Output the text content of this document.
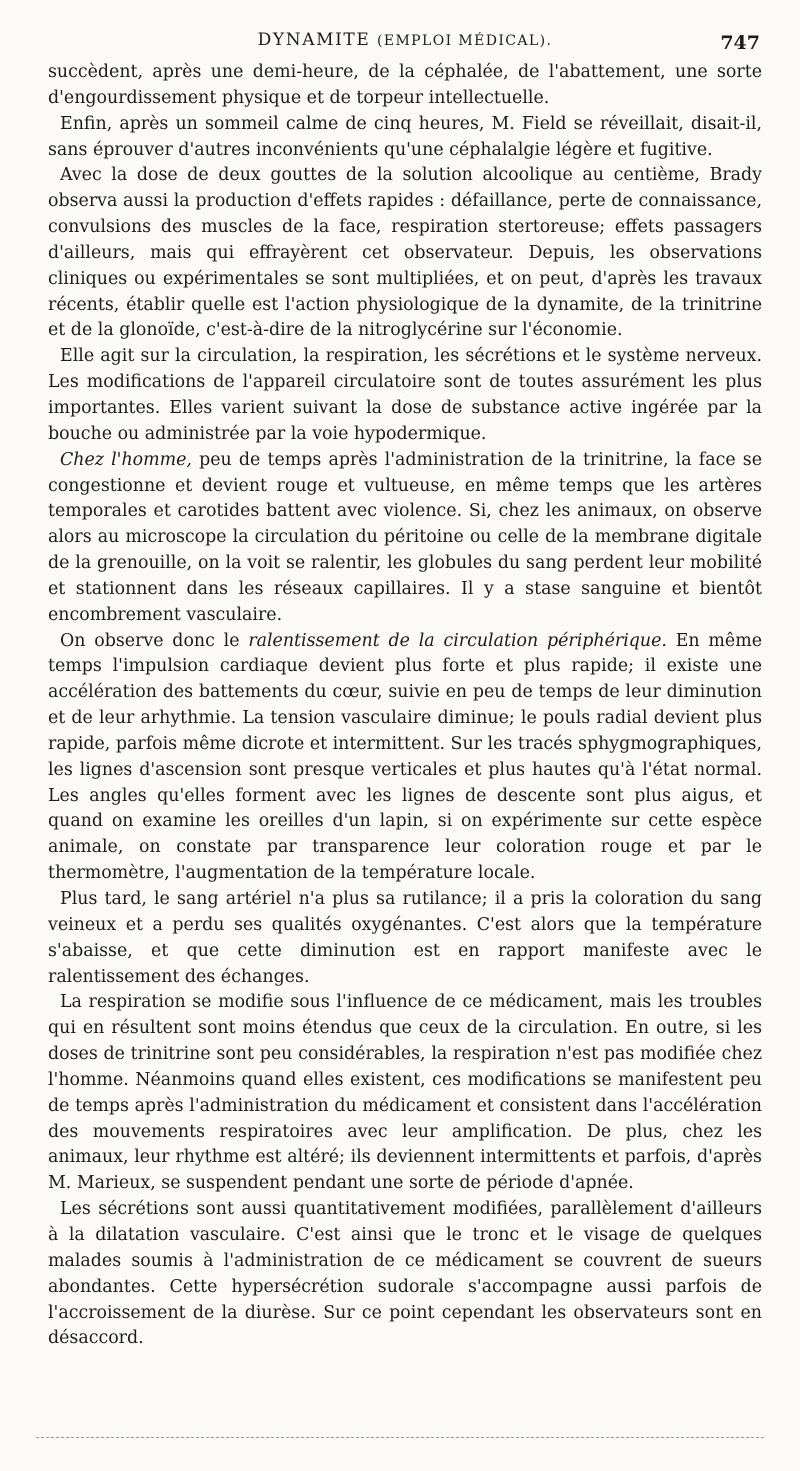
DYNAMITE (EMPLOI MÉDICAL).	747

succèdent, après une demi-heure, de la céphalée, de l'abattement, une sorte d'engourdissement physique et de torpeur intellectuelle.

Enfin, après un sommeil calme de cinq heures, M. Field se réveillait, disait-il, sans éprouver d'autres inconvénients qu'une céphalalgie légère et fugitive.

Avec la dose de deux gouttes de la solution alcoolique au centième, Brady observa aussi la production d'effets rapides : défaillance, perte de connaissance, convulsions des muscles de la face, respiration stertoreuse; effets passagers d'ailleurs, mais qui effrayèrent cet observateur. Depuis, les observations cliniques ou expérimentales se sont multipliées, et on peut, d'après les travaux récents, établir quelle est l'action physiologique de la dynamite, de la trinitrine et de la glonoïde, c'est-à-dire de la nitroglycérine sur l'économie.

Elle agit sur la circulation, la respiration, les sécrétions et le système nerveux. Les modifications de l'appareil circulatoire sont de toutes assurément les plus importantes. Elles varient suivant la dose de substance active ingérée par la bouche ou administrée par la voie hypodermique.

Chez l'homme, peu de temps après l'administration de la trinitrine, la face se congestionne et devient rouge et vultueuse, en même temps que les artères temporales et carotides battent avec violence. Si, chez les animaux, on observe alors au microscope la circulation du péritoine ou celle de la membrane digitale de la grenouille, on la voit se ralentir, les globules du sang perdent leur mobilité et stationnent dans les réseaux capillaires. Il y a stase sanguine et bientôt encombrement vasculaire.

On observe donc le ralentissement de la circulation périphérique. En même temps l'impulsion cardiaque devient plus forte et plus rapide; il existe une accélération des battements du cœur, suivie en peu de temps de leur diminution et de leur arhythmie. La tension vasculaire diminue; le pouls radial devient plus rapide, parfois même dicrote et intermittent. Sur les tracés sphygmographiques, les lignes d'ascension sont presque verticales et plus hautes qu'à l'état normal. Les angles qu'elles forment avec les lignes de descente sont plus aigus, et quand on examine les oreilles d'un lapin, si on expérimente sur cette espèce animale, on constate par transparence leur coloration rouge et par le thermomètre, l'augmentation de la température locale.

Plus tard, le sang artériel n'a plus sa rutilance; il a pris la coloration du sang veineux et a perdu ses qualités oxygénantes. C'est alors que la température s'abaisse, et que cette diminution est en rapport manifeste avec le ralentissement des échanges.

La respiration se modifie sous l'influence de ce médicament, mais les troubles qui en résultent sont moins étendus que ceux de la circulation. En outre, si les doses de trinitrine sont peu considérables, la respiration n'est pas modifiée chez l'homme. Néanmoins quand elles existent, ces modifications se manifestent peu de temps après l'administration du médicament et consistent dans l'accélération des mouvements respiratoires avec leur amplification. De plus, chez les animaux, leur rhythme est altéré; ils deviennent intermittents et parfois, d'après M. Marieux, se suspendent pendant une sorte de période d'apnée.

Les sécrétions sont aussi quantitativement modifiées, parallèlement d'ailleurs à la dilatation vasculaire. C'est ainsi que le tronc et le visage de quelques malades soumis à l'administration de ce médicament se couvrent de sueurs abondantes. Cette hypersécrétion sudorale s'accompagne aussi parfois de l'accroissement de la diurèse. Sur ce point cependant les observateurs sont en désaccord.
